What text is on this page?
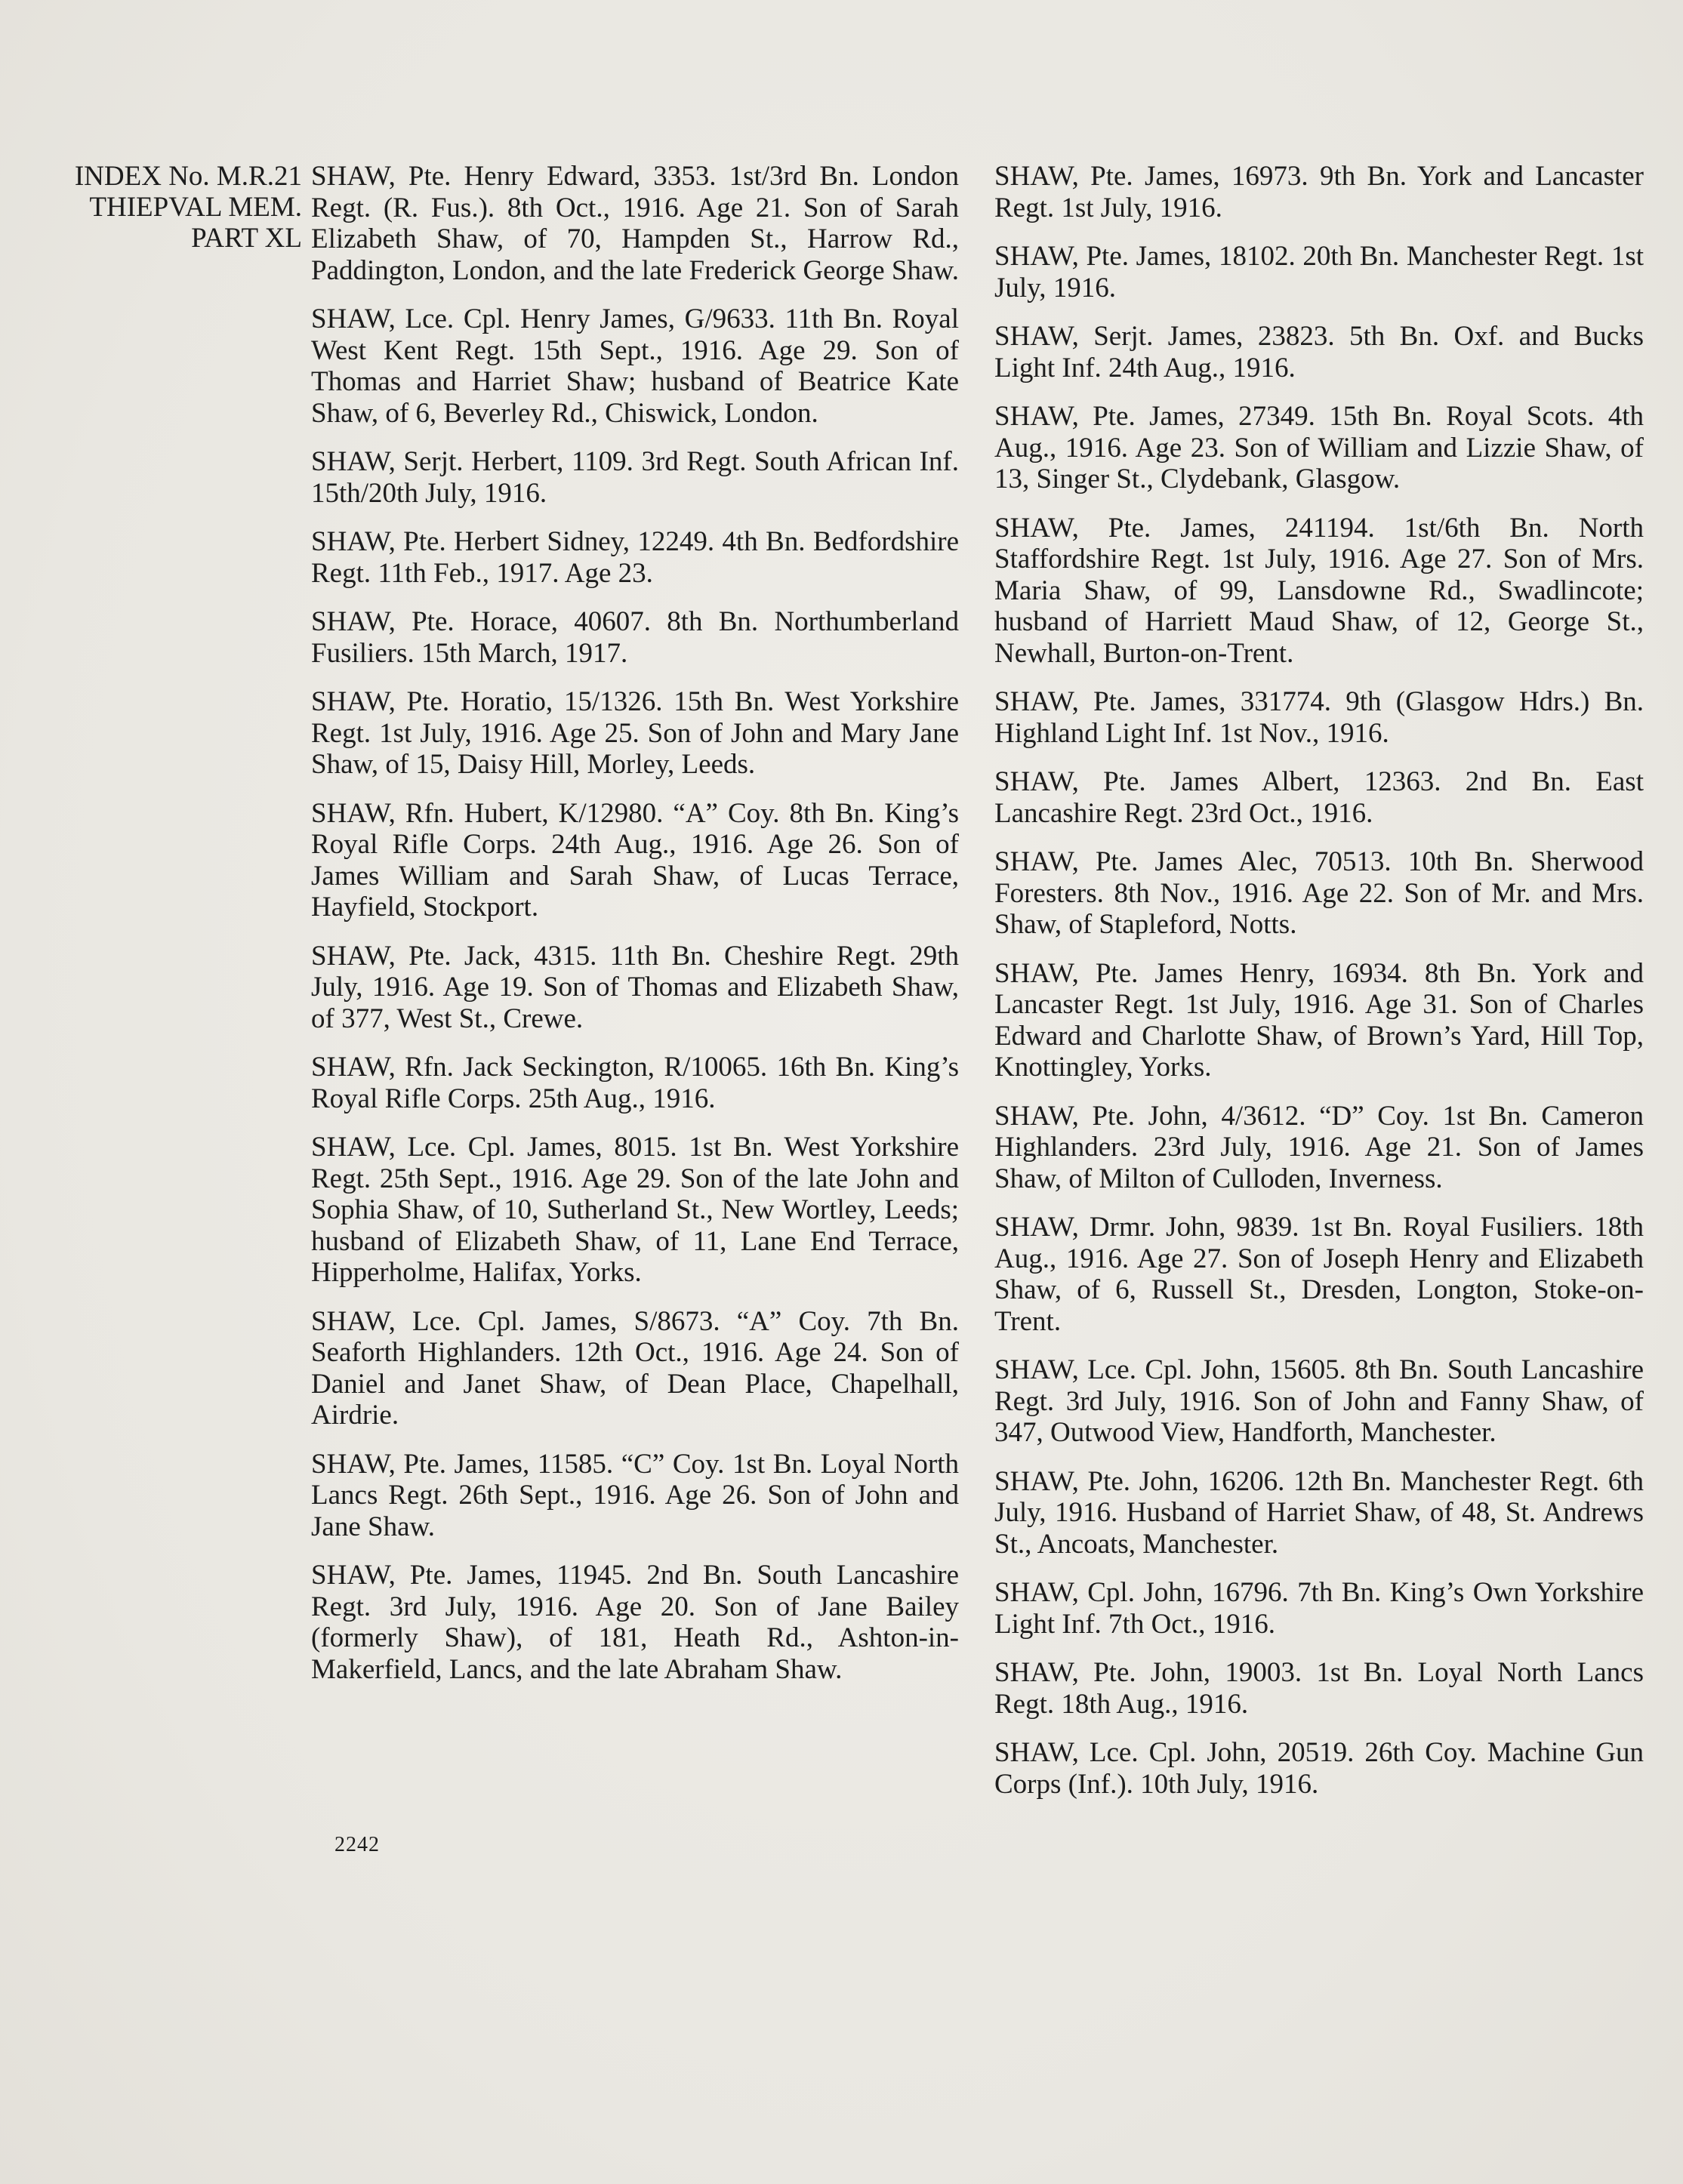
INDEX No. M.R.21
THIEPVAL MEM.
PART XL

SHAW, Pte. Henry Edward, 3353. 1st/3rd Bn. London Regt. (R. Fus.). 8th Oct., 1916. Age 21. Son of Sarah Elizabeth Shaw, of 70, Hampden St., Harrow Rd., Paddington, London, and the late Frederick George Shaw.

SHAW, Lce. Cpl. Henry James, G/9633. 11th Bn. Royal West Kent Regt. 15th Sept., 1916. Age 29. Son of Thomas and Harriet Shaw; husband of Beatrice Kate Shaw, of 6, Beverley Rd., Chiswick, London.

SHAW, Serjt. Herbert, 1109. 3rd Regt. South African Inf. 15th/20th July, 1916.

SHAW, Pte. Herbert Sidney, 12249. 4th Bn. Bedfordshire Regt. 11th Feb., 1917. Age 23.

SHAW, Pte. Horace, 40607. 8th Bn. Northumberland Fusiliers. 15th March, 1917.

SHAW, Pte. Horatio, 15/1326. 15th Bn. West Yorkshire Regt. 1st July, 1916. Age 25. Son of John and Mary Jane Shaw, of 15, Daisy Hill, Morley, Leeds.

SHAW, Rfn. Hubert, K/12980. “A” Coy. 8th Bn. King’s Royal Rifle Corps. 24th Aug., 1916. Age 26. Son of James William and Sarah Shaw, of Lucas Terrace, Hayfield, Stockport.

SHAW, Pte. Jack, 4315. 11th Bn. Cheshire Regt. 29th July, 1916. Age 19. Son of Thomas and Elizabeth Shaw, of 377, West St., Crewe.

SHAW, Rfn. Jack Seckington, R/10065. 16th Bn. King’s Royal Rifle Corps. 25th Aug., 1916.

SHAW, Lce. Cpl. James, 8015. 1st Bn. West Yorkshire Regt. 25th Sept., 1916. Age 29. Son of the late John and Sophia Shaw, of 10, Sutherland St., New Wortley, Leeds; husband of Elizabeth Shaw, of 11, Lane End Terrace, Hipperholme, Halifax, Yorks.

SHAW, Lce. Cpl. James, S/8673. “A” Coy. 7th Bn. Seaforth Highlanders. 12th Oct., 1916. Age 24. Son of Daniel and Janet Shaw, of Dean Place, Chapelhall, Airdrie.

SHAW, Pte. James, 11585. “C” Coy. 1st Bn. Loyal North Lancs Regt. 26th Sept., 1916. Age 26. Son of John and Jane Shaw.

SHAW, Pte. James, 11945. 2nd Bn. South Lancashire Regt. 3rd July, 1916. Age 20. Son of Jane Bailey (formerly Shaw), of 181, Heath Rd., Ashton-in-Makerfield, Lancs, and the late Abraham Shaw.

SHAW, Pte. James, 16973. 9th Bn. York and Lancaster Regt. 1st July, 1916.

SHAW, Pte. James, 18102. 20th Bn. Manchester Regt. 1st July, 1916.

SHAW, Serjt. James, 23823. 5th Bn. Oxf. and Bucks Light Inf. 24th Aug., 1916.

SHAW, Pte. James, 27349. 15th Bn. Royal Scots. 4th Aug., 1916. Age 23. Son of William and Lizzie Shaw, of 13, Singer St., Clydebank, Glasgow.

SHAW, Pte. James, 241194. 1st/6th Bn. North Staffordshire Regt. 1st July, 1916. Age 27. Son of Mrs. Maria Shaw, of 99, Lansdowne Rd., Swadlincote; husband of Harriett Maud Shaw, of 12, George St., Newhall, Burton-on-Trent.

SHAW, Pte. James, 331774. 9th (Glasgow Hdrs.) Bn. Highland Light Inf. 1st Nov., 1916.

SHAW, Pte. James Albert, 12363. 2nd Bn. East Lancashire Regt. 23rd Oct., 1916.

SHAW, Pte. James Alec, 70513. 10th Bn. Sherwood Foresters. 8th Nov., 1916. Age 22. Son of Mr. and Mrs. Shaw, of Stapleford, Notts.

SHAW, Pte. James Henry, 16934. 8th Bn. York and Lancaster Regt. 1st July, 1916. Age 31. Son of Charles Edward and Charlotte Shaw, of Brown’s Yard, Hill Top, Knottingley, Yorks.

SHAW, Pte. John, 4/3612. “D” Coy. 1st Bn. Cameron Highlanders. 23rd July, 1916. Age 21. Son of James Shaw, of Milton of Culloden, Inverness.

SHAW, Drmr. John, 9839. 1st Bn. Royal Fusiliers. 18th Aug., 1916. Age 27. Son of Joseph Henry and Elizabeth Shaw, of 6, Russell St., Dresden, Longton, Stoke-on-Trent.

SHAW, Lce. Cpl. John, 15605. 8th Bn. South Lancashire Regt. 3rd July, 1916. Son of John and Fanny Shaw, of 347, Outwood View, Handforth, Manchester.

SHAW, Pte. John, 16206. 12th Bn. Manchester Regt. 6th July, 1916. Husband of Harriet Shaw, of 48, St. Andrews St., Ancoats, Manchester.

SHAW, Cpl. John, 16796. 7th Bn. King’s Own Yorkshire Light Inf. 7th Oct., 1916.

SHAW, Pte. John, 19003. 1st Bn. Loyal North Lancs Regt. 18th Aug., 1916.

SHAW, Lce. Cpl. John, 20519. 26th Coy. Machine Gun Corps (Inf.). 10th July, 1916.

2242
